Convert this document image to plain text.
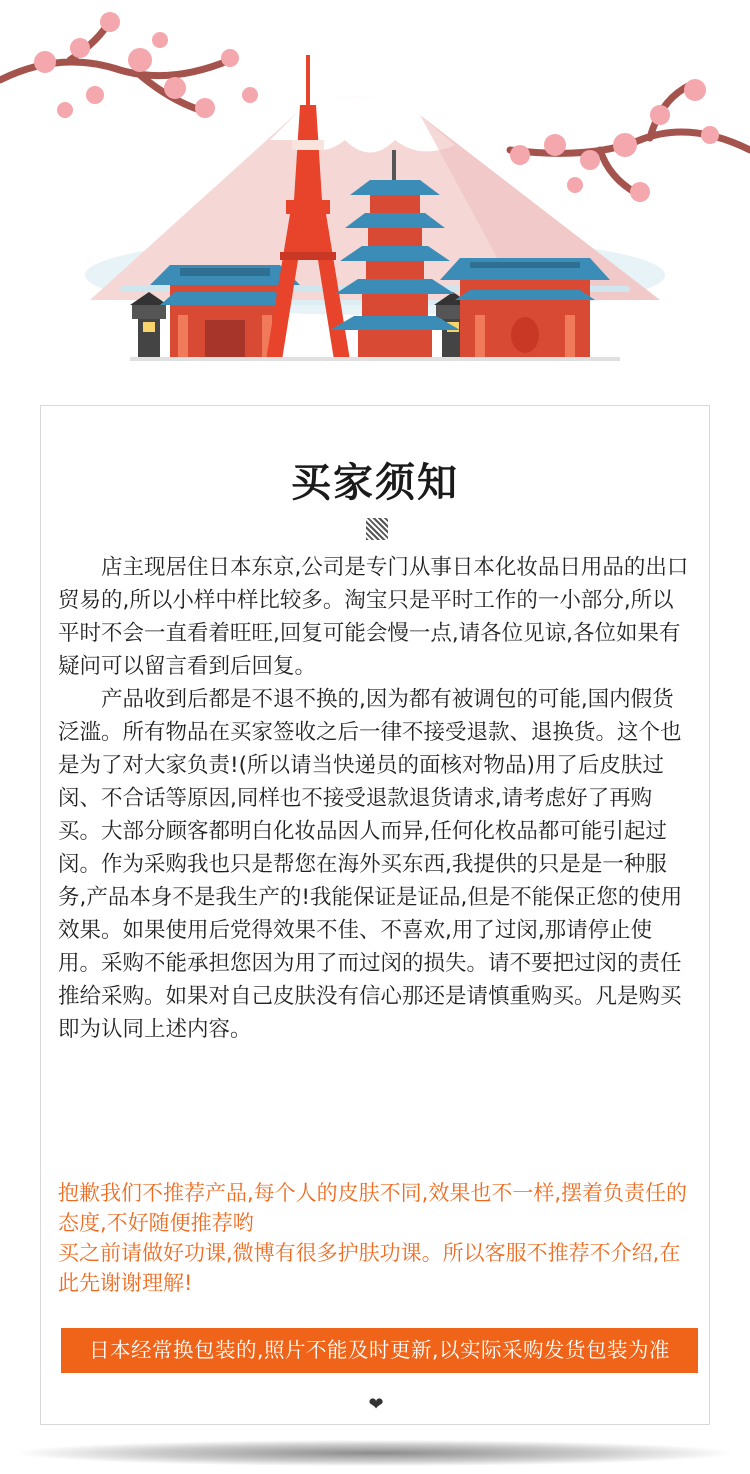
买家须知

店主现居住日本东京,公司是专门从事日本化妆品日用品的出口贸易的,所以小样中样比较多。淘宝只是平时工作的一小部分,所以平时不会一直看着旺旺,回复可能会慢一点,请各位见谅,各位如果有疑问可以留言看到后回复。

产品收到后都是不退不换的,因为都有被调包的可能,国内假货泛滥。所有物品在买家签收之后一律不接受退款、退换货。这个也是为了对大家负责!(所以请当快递员的面核对物品)用了后皮肤过闵、不合话等原因,同样也不接受退款退货请求,请考虑好了再购买。大部分顾客都明白化妆品因人而异,任何化枚品都可能引起过闵。作为采购我也只是帮您在海外买东西,我提供的只是是一种服务,产品本身不是我生产的!我能保证是证品,但是不能保正您的使用效果。如果使用后党得效果不佳、不喜欢,用了过闵,那请停止使用。采购不能承担您因为用了而过闵的损失。请不要把过闵的责任推给采购。如果对自己皮肤没有信心那还是请慎重购买。凡是购买即为认同上述内容。

抱歉我们不推荐产品,每个人的皮肤不同,效果也不一样,摆着负责任的态度,不好随便推荐哟
买之前请做好功课,微博有很多护肤功课。所以客服不推荐不介绍,在此先谢谢理解!
日本经常换包装的,照片不能及时更新,以实际采购发货包装为准
❤
